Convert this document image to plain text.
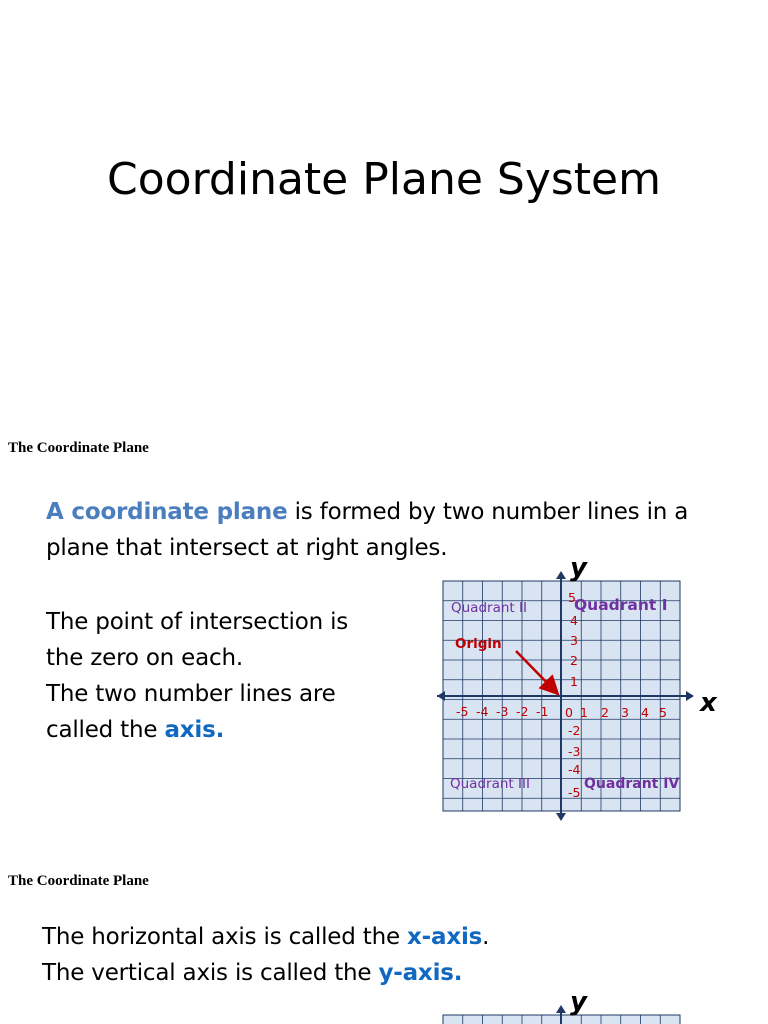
Coordinate Plane System
The Coordinate Plane
A coordinate plane is formed by two number lines in a
plane that intersect at right angles.
The point of intersection is
the zero on each.
The two number lines are
called the axis.
y
x
Quadrant II	Quadrant I
Quadrant III	Quadrant IV
Origin
-5 -4 -3 -2 -1 0 1 2 3 4 5
5
4
3
2
1
-2
-3
-4
-5
The Coordinate Plane
The horizontal axis is called the x-axis.
The vertical axis is called the y-axis.
y
